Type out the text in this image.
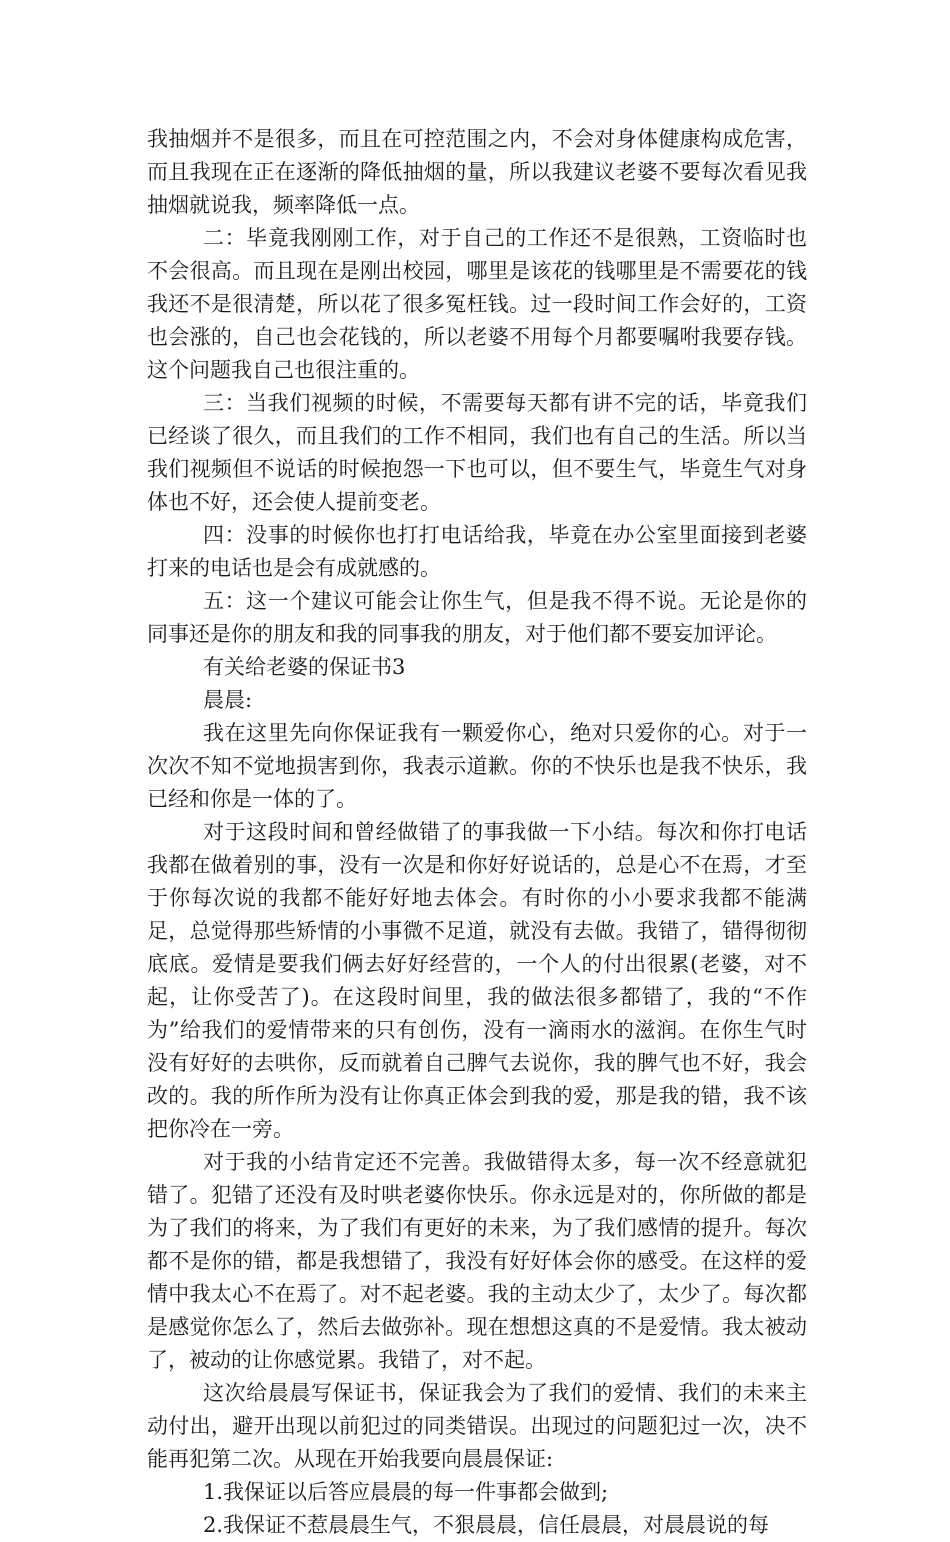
我抽烟并不是很多，而且在可控范围之内，不会对身体健康构成危害，而且我现在正在逐渐的降低抽烟的量，所以我建议老婆不要每次看见我抽烟就说我，频率降低一点。

二：毕竟我刚刚工作，对于自己的工作还不是很熟，工资临时也不会很高。而且现在是刚出校园，哪里是该花的钱哪里是不需要花的钱我还不是很清楚，所以花了很多冤枉钱。过一段时间工作会好的，工资也会涨的，自己也会花钱的，所以老婆不用每个月都要嘱咐我要存钱。这个问题我自己也很注重的。

三：当我们视频的时候，不需要每天都有讲不完的话，毕竟我们已经谈了很久，而且我们的工作不相同，我们也有自己的生活。所以当我们视频但不说话的时候抱怨一下也可以，但不要生气，毕竟生气对身体也不好，还会使人提前变老。

四：没事的时候你也打打电话给我，毕竟在办公室里面接到老婆打来的电话也是会有成就感的。

五：这一个建议可能会让你生气，但是我不得不说。无论是你的同事还是你的朋友和我的同事我的朋友，对于他们都不要妄加评论。

有关给老婆的保证书3

晨晨:

我在这里先向你保证我有一颗爱你心，绝对只爱你的心。对于一次次不知不觉地损害到你，我表示道歉。你的不快乐也是我不快乐，我已经和你是一体的了。

对于这段时间和曾经做错了的事我做一下小结。每次和你打电话我都在做着别的事，没有一次是和你好好说话的，总是心不在焉，才至于你每次说的我都不能好好地去体会。有时你的小小要求我都不能满足，总觉得那些矫情的小事微不足道，就没有去做。我错了，错得彻彻底底。爱情是要我们俩去好好经营的，一个人的付出很累(老婆，对不起，让你受苦了)。在这段时间里，我的做法很多都错了，我的“不作为”给我们的爱情带来的只有创伤，没有一滴雨水的滋润。在你生气时没有好好的去哄你，反而就着自己脾气去说你，我的脾气也不好，我会改的。我的所作所为没有让你真正体会到我的爱，那是我的错，我不该把你冷在一旁。

对于我的小结肯定还不完善。我做错得太多，每一次不经意就犯错了。犯错了还没有及时哄老婆你快乐。你永远是对的，你所做的都是为了我们的将来，为了我们有更好的未来，为了我们感情的提升。每次都不是你的错，都是我想错了，我没有好好体会你的感受。在这样的爱情中我太心不在焉了。对不起老婆。我的主动太少了，太少了。每次都是感觉你怎么了，然后去做弥补。现在想想这真的不是爱情。我太被动了，被动的让你感觉累。我错了，对不起。

这次给晨晨写保证书，保证我会为了我们的爱情、我们的未来主动付出，避开出现以前犯过的同类错误。出现过的问题犯过一次，决不能再犯第二次。从现在开始我要向晨晨保证:

1.我保证以后答应晨晨的每一件事都会做到;

2.我保证不惹晨晨生气，不狠晨晨，信任晨晨，对晨晨说的每
